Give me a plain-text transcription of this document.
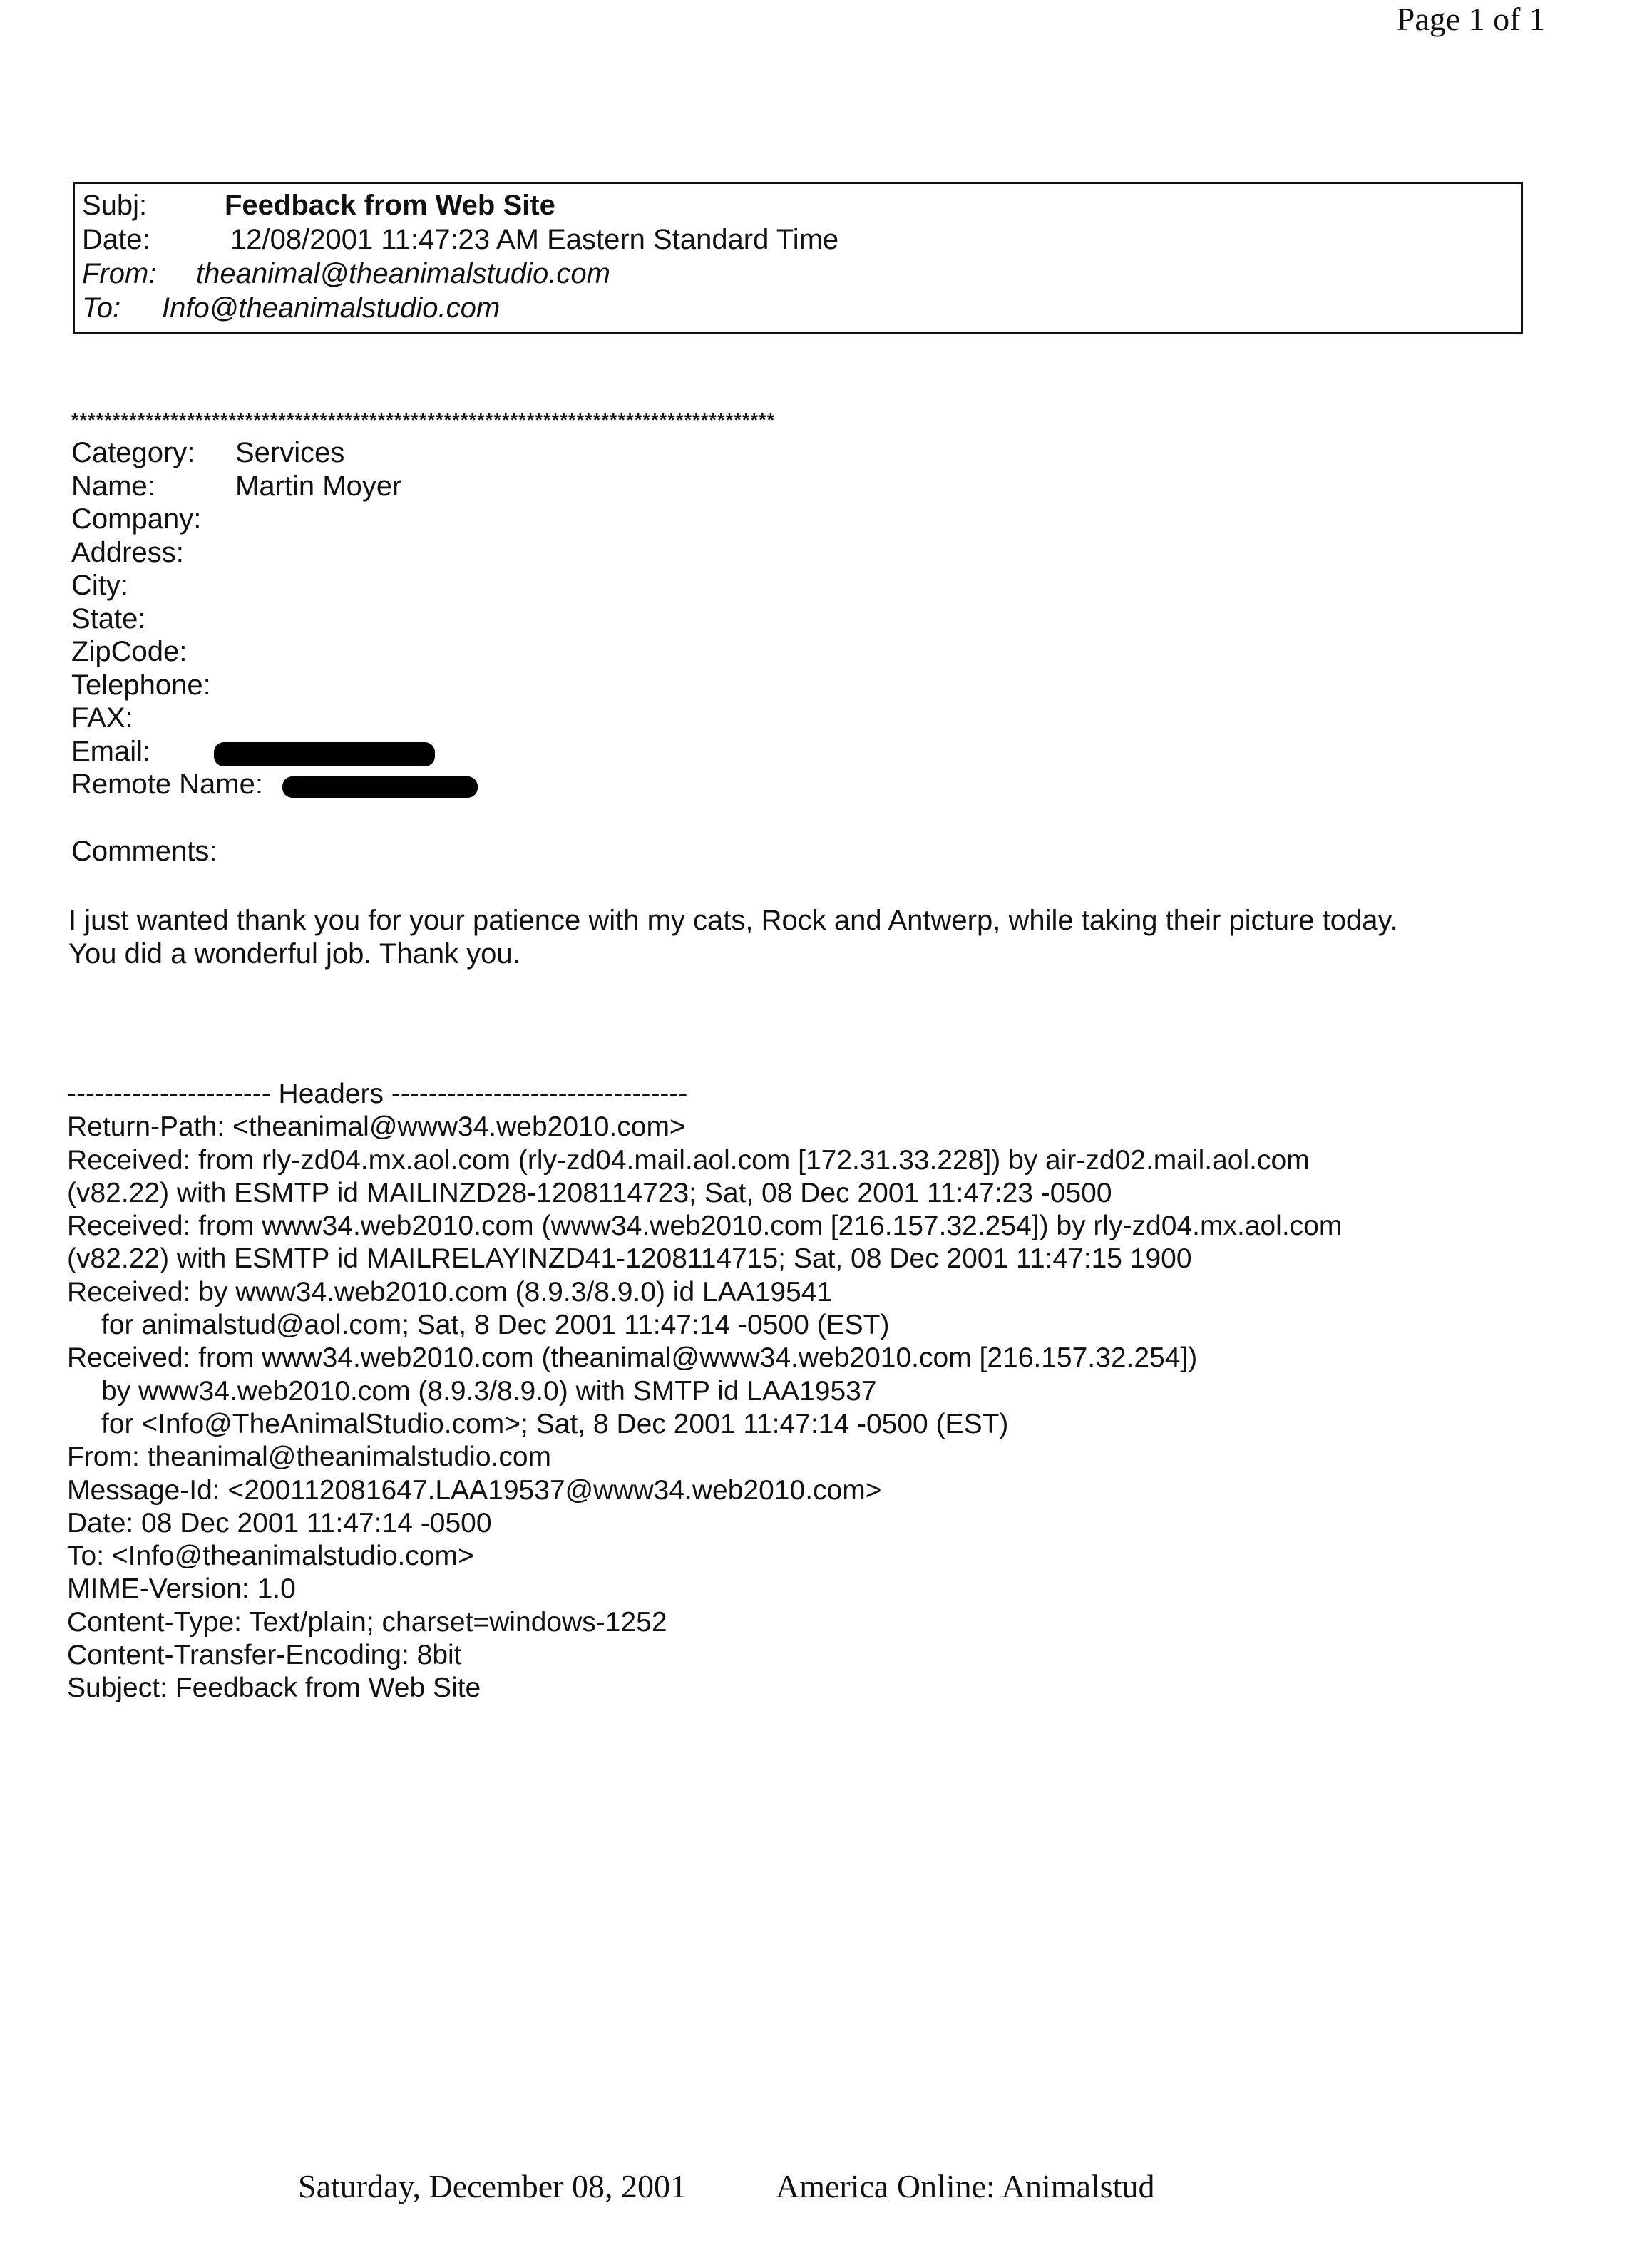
Page 1 of 1
Subj:	Feedback from Web Site
Date:	12/08/2001 11:47:23 AM Eastern Standard Time
From: theanimal@theanimalstudio.com
To: Info@theanimalstudio.com
*************************************************************************************
Category: Services
Name:	Martin Moyer
Company:
Address:
City:
State:
ZipCode:
Telephone:
FAX:
Email:
Remote Name:
Comments:
I just wanted thank you for your patience with my cats, Rock and Antwerp, while taking their picture today.
You did a wonderful job. Thank you.
---------------------- Headers --------------------------------
Return-Path: <theanimal@www34.web2010.com>
Received: from rly-zd04.mx.aol.com (rly-zd04.mail.aol.com [172.31.33.228]) by air-zd02.mail.aol.com
(v82.22) with ESMTP id MAILINZD28-1208114723; Sat, 08 Dec 2001 11:47:23 -0500
Received: from www34.web2010.com (www34.web2010.com [216.157.32.254]) by rly-zd04.mx.aol.com
(v82.22) with ESMTP id MAILRELAYINZD41-1208114715; Sat, 08 Dec 2001 11:47:15 1900
Received: by www34.web2010.com (8.9.3/8.9.0) id LAA19541
for animalstud@aol.com; Sat, 8 Dec 2001 11:47:14 -0500 (EST)
Received: from www34.web2010.com (theanimal@www34.web2010.com [216.157.32.254])
by www34.web2010.com (8.9.3/8.9.0) with SMTP id LAA19537
for <Info@TheAnimalStudio.com>; Sat, 8 Dec 2001 11:47:14 -0500 (EST)
From: theanimal@theanimalstudio.com
Message-Id: <200112081647.LAA19537@www34.web2010.com>
Date: 08 Dec 2001 11:47:14 -0500
To: <Info@theanimalstudio.com>
MIME-Version: 1.0
Content-Type: Text/plain; charset=windows-1252
Content-Transfer-Encoding: 8bit
Subject: Feedback from Web Site
Saturday, December 08, 2001	America Online: Animalstud
